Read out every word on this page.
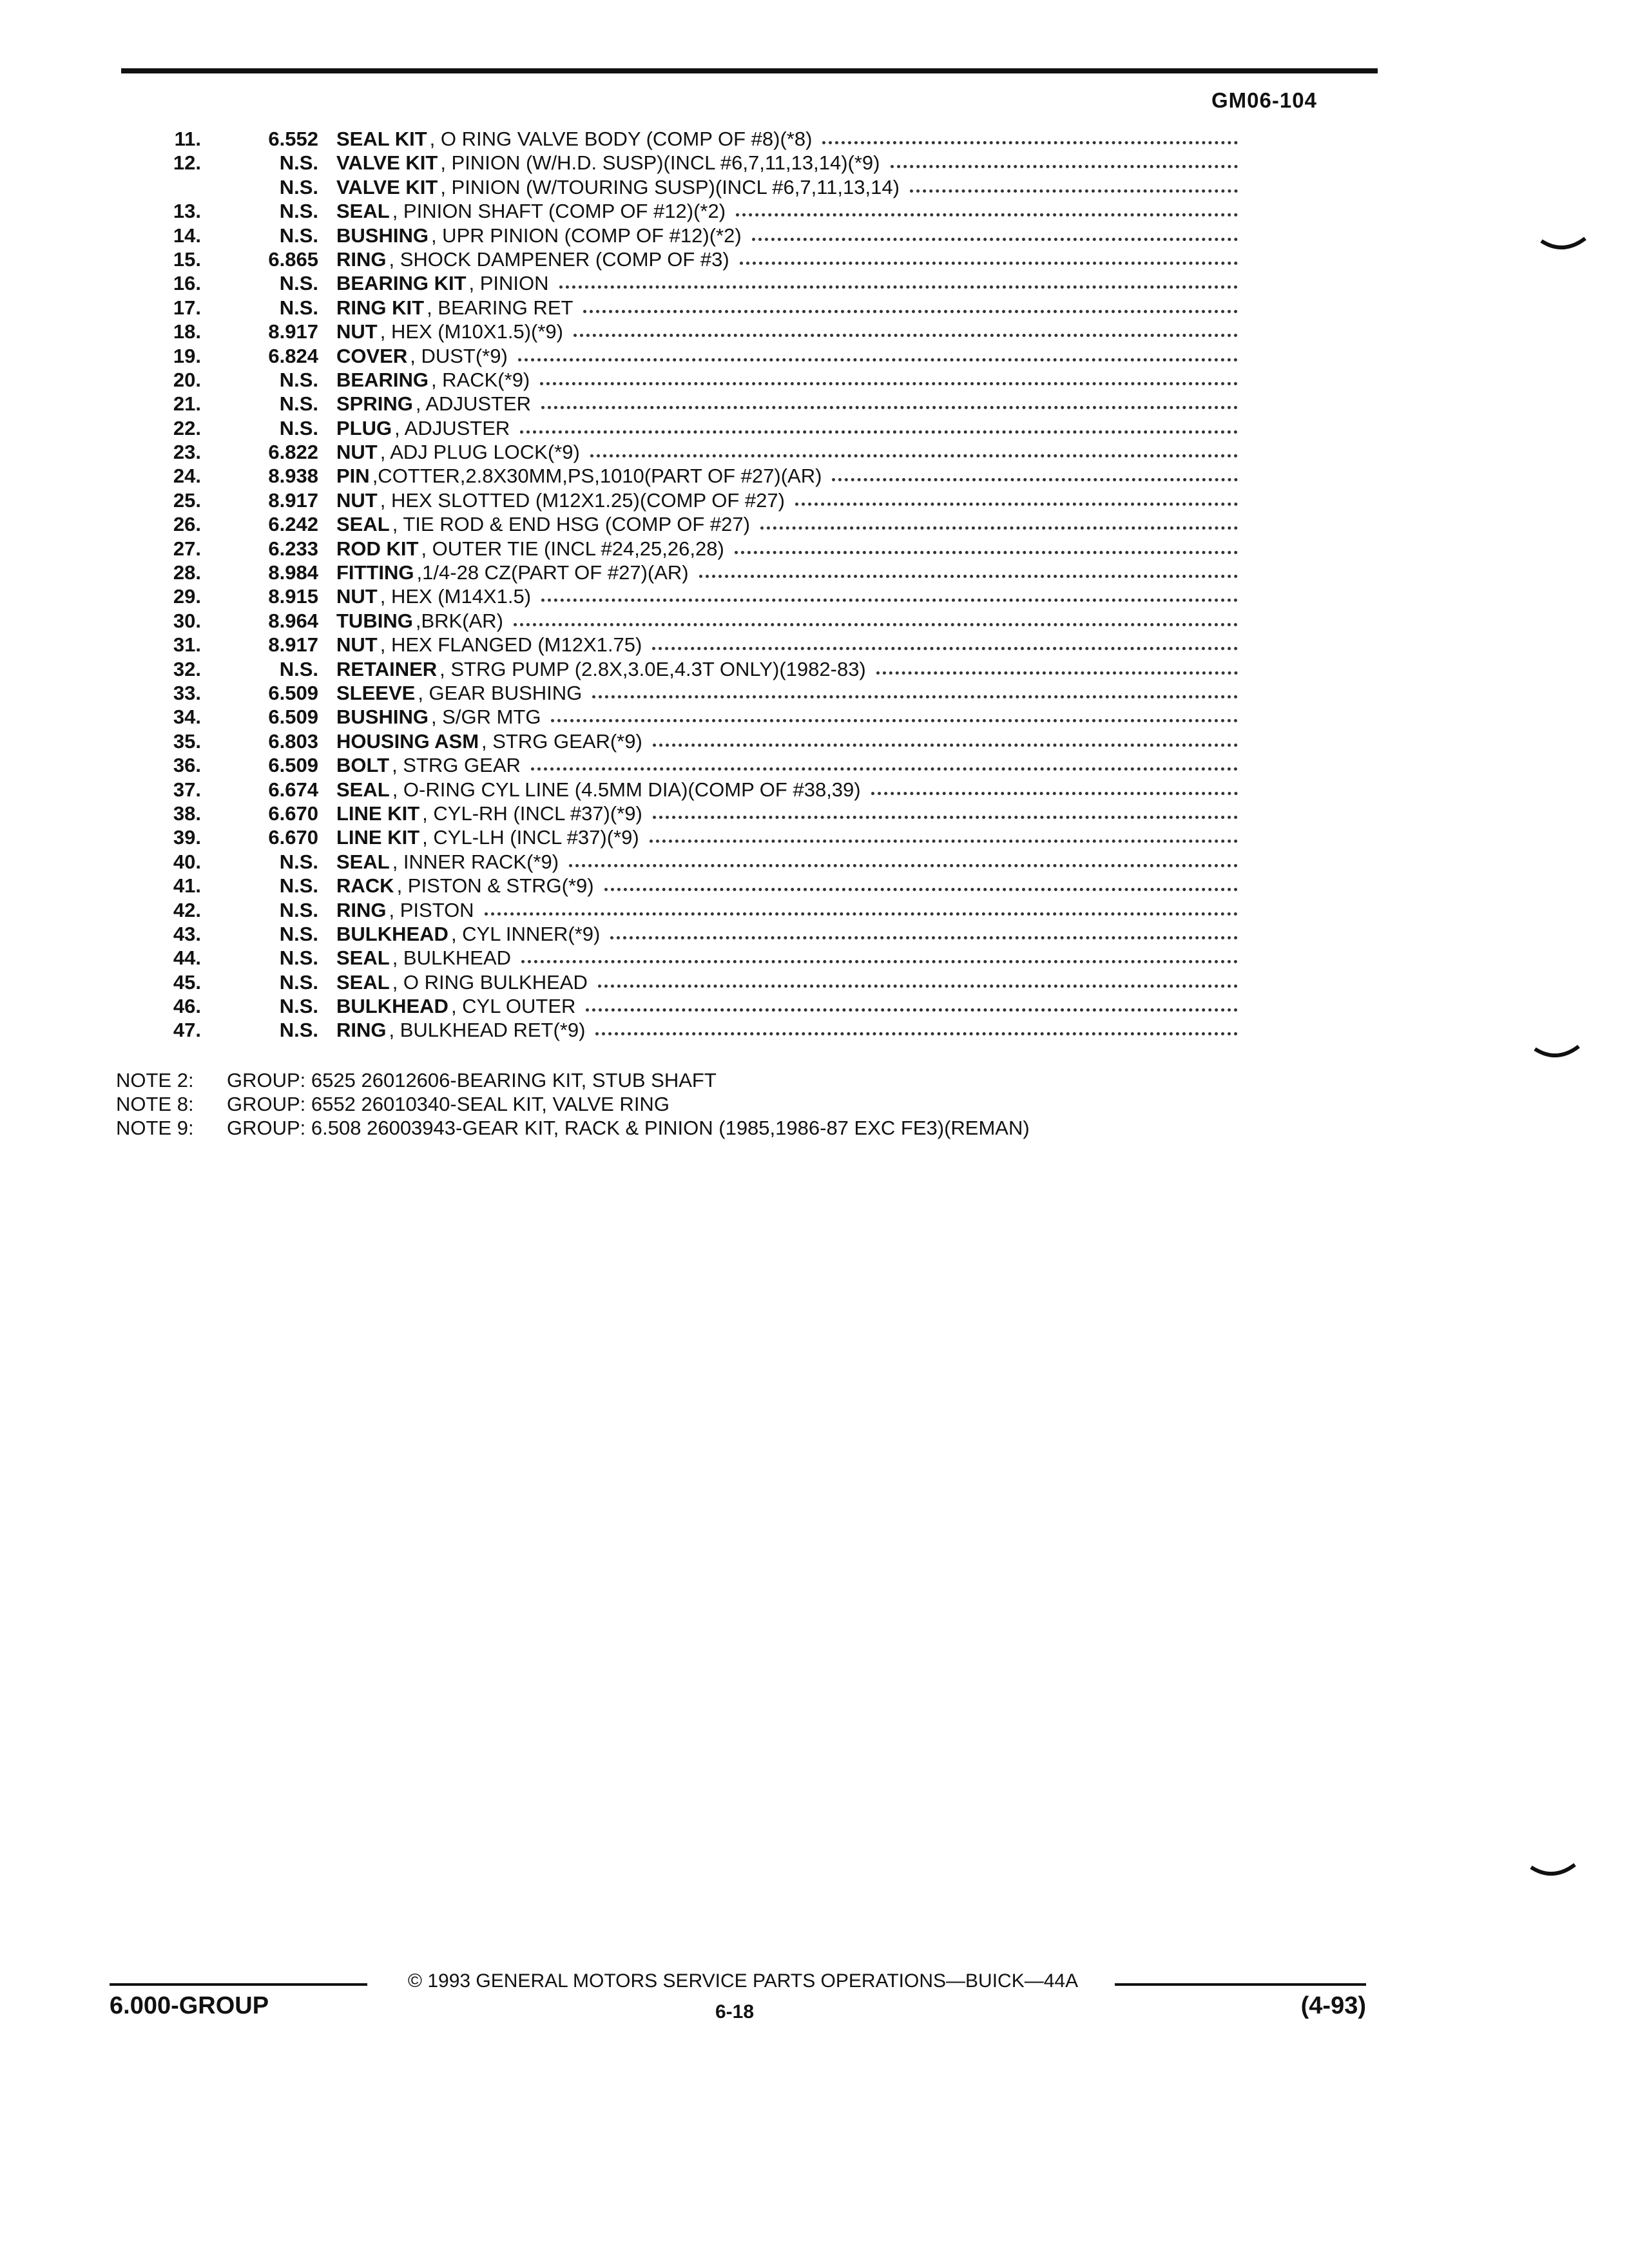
GM06-104
11.	6.552 SEAL KIT , O RING VALVE BODY (COMP OF #8)(*8)
12.	N.S. VALVE KIT , PINION (W/H.D. SUSP)(INCL #6,7,11,13,14)(*9)
N.S. VALVE KIT , PINION (W/TOURING SUSP)(INCL #6,7,11,13,14)
13.	N.S. SEAL , PINION SHAFT (COMP OF #12)(*2)
14.	N.S. BUSHING , UPR PINION (COMP OF #12)(*2)
15.	6.865 RING , SHOCK DAMPENER (COMP OF #3)
16.	N.S. BEARING KIT , PINION
17.	N.S. RING KIT , BEARING RET
18.	8.917 NUT , HEX (M10X1.5)(*9)
19.	6.824 COVER , DUST(*9)
20.	N.S. BEARING , RACK(*9)
21.	N.S. SPRING , ADJUSTER
22.	N.S. PLUG , ADJUSTER
23.	6.822 NUT , ADJ PLUG LOCK(*9)
24.	8.938 PIN ,COTTER,2.8X30MM,PS,1010(PART OF #27)(AR)
25.	8.917 NUT , HEX SLOTTED (M12X1.25)(COMP OF #27)
26.	6.242 SEAL , TIE ROD & END HSG (COMP OF #27)
27.	6.233 ROD KIT , OUTER TIE (INCL #24,25,26,28)
28.	8.984 FITTING ,1/4-28 CZ(PART OF #27)(AR)
29.	8.915 NUT , HEX (M14X1.5)
30.	8.964 TUBING ,BRK(AR)
31.	8.917 NUT , HEX FLANGED (M12X1.75)
32.	N.S. RETAINER , STRG PUMP (2.8X,3.0E,4.3T ONLY)(1982-83)
33.	6.509 SLEEVE , GEAR BUSHING
34.	6.509 BUSHING , S/GR MTG
35.	6.803 HOUSING ASM , STRG GEAR(*9)
36.	6.509 BOLT , STRG GEAR
37.	6.674 SEAL , O-RING CYL LINE (4.5MM DIA)(COMP OF #38,39)
38.	6.670 LINE KIT , CYL-RH (INCL #37)(*9)
39.	6.670 LINE KIT , CYL-LH (INCL #37)(*9)
40.	N.S. SEAL , INNER RACK(*9)
41.	N.S. RACK , PISTON & STRG(*9)
42.	N.S. RING , PISTON
43.	N.S. BULKHEAD , CYL INNER(*9)
44.	N.S. SEAL , BULKHEAD
45.	N.S. SEAL , O RING BULKHEAD
46.	N.S. BULKHEAD , CYL OUTER
47.	N.S. RING , BULKHEAD RET(*9)
NOTE 2: GROUP: 6525 26012606-BEARING KIT, STUB SHAFT
NOTE 8: GROUP: 6552 26010340-SEAL KIT, VALVE RING
NOTE 9: GROUP: 6.508 26003943-GEAR KIT, RACK & PINION (1985,1986-87 EXC FE3)(REMAN)
© 1993 GENERAL MOTORS SERVICE PARTS OPERATIONS—BUICK—44A
6.000-GROUP	6-18	(4-93)
